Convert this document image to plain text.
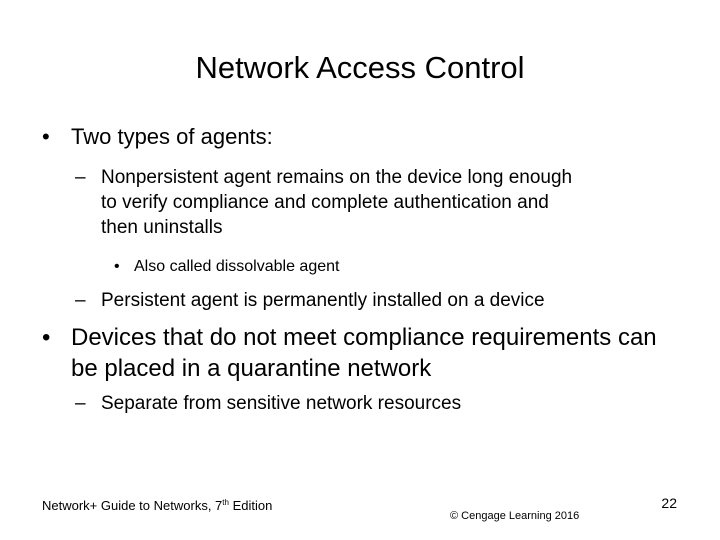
Network Access Control
• Two types of agents:
– Nonpersistent agent remains on the device long enough to verify compliance and complete authentication and then uninstalls
• Also called dissolvable agent
– Persistent agent is permanently installed on a device
• Devices that do not meet compliance requirements can be placed in a quarantine network
– Separate from sensitive network resources
Network+ Guide to Networks, 7th Edition
© Cengage Learning 2016
22
